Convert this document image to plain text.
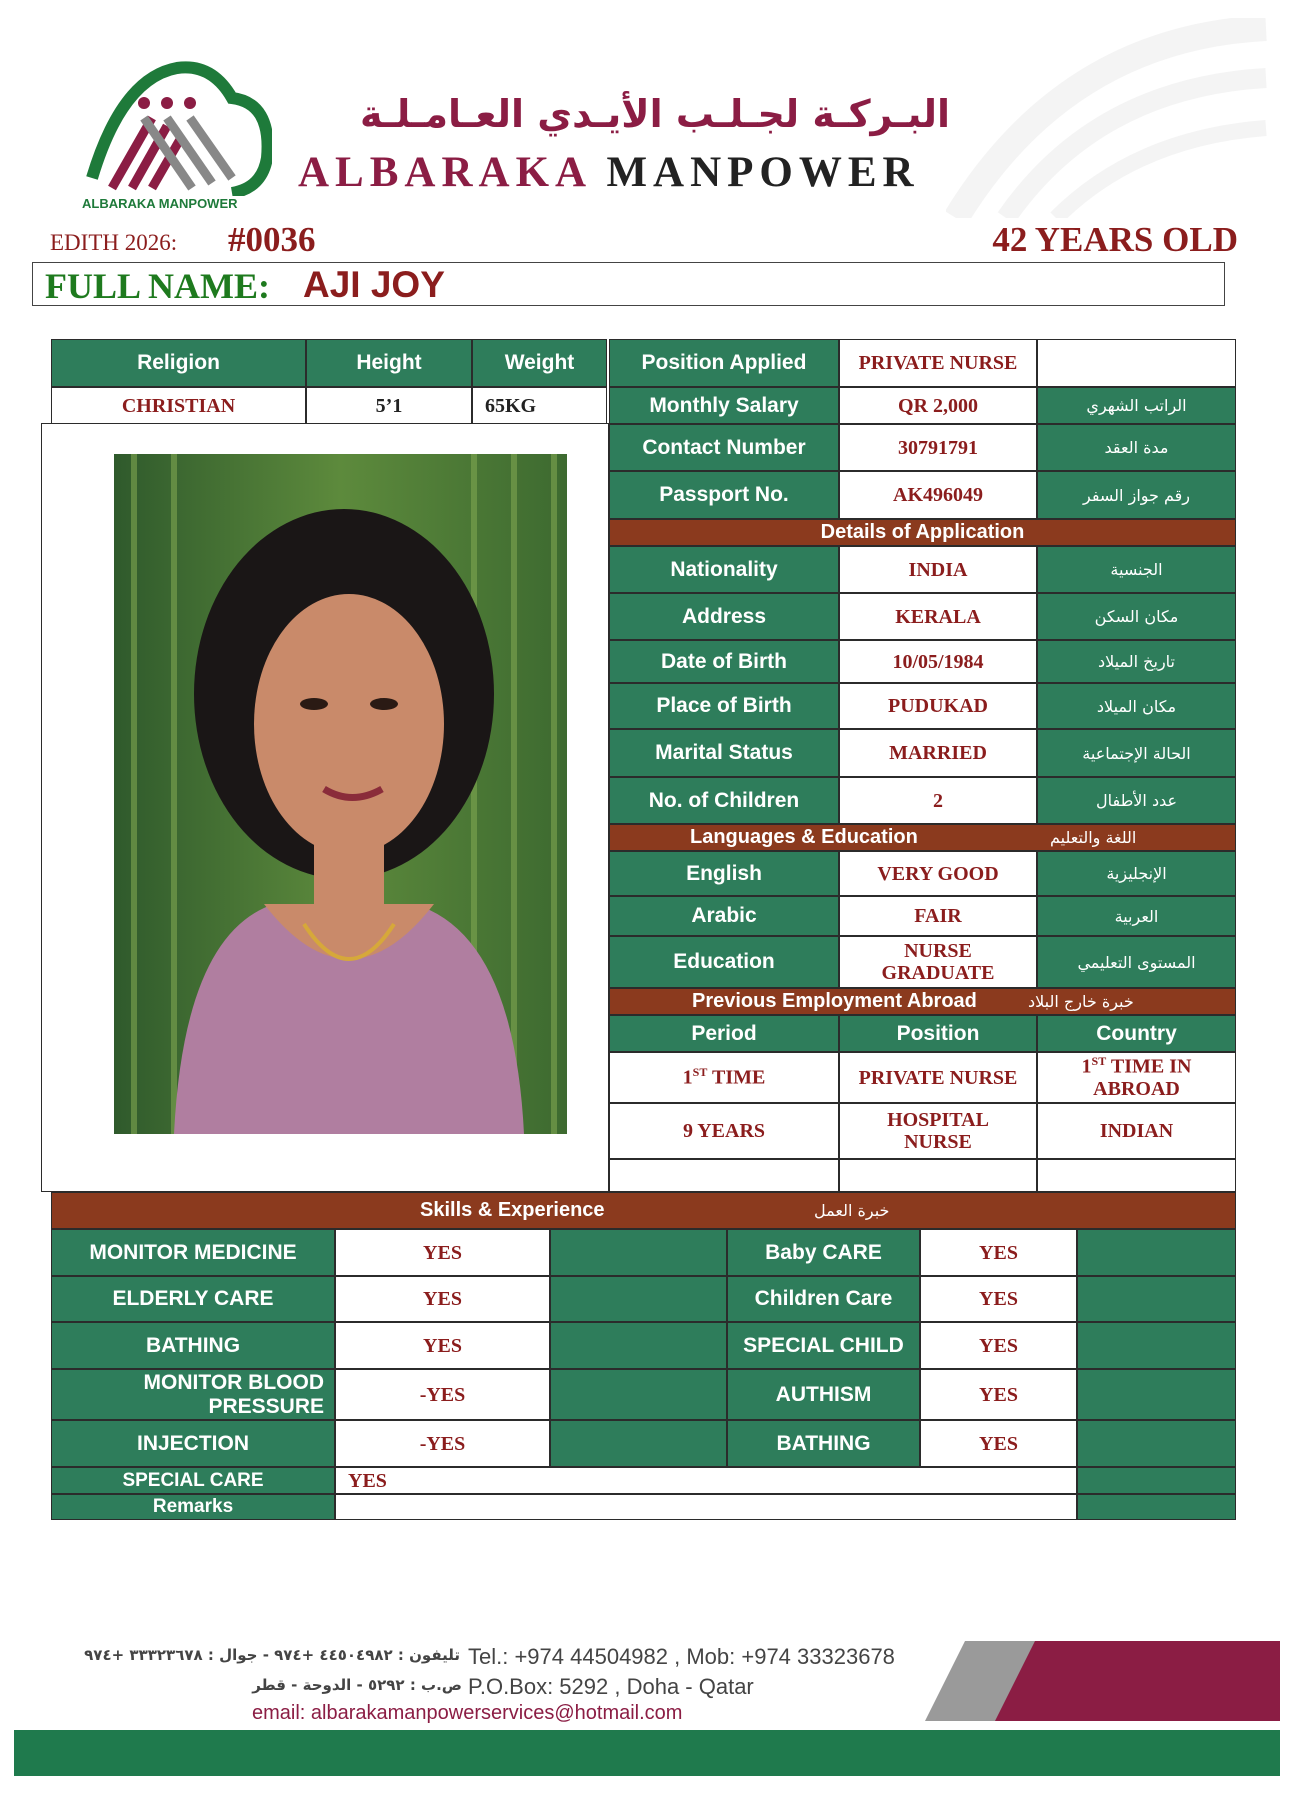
ALBARAKA MANPOWER
البـركـة لجـلـب الأيـدي العـامـلـة
ALBARAKA MANPOWER
EDITH 2026: #0036	42 YEARS OLD
FULL NAME: AJI JOY
Religion	Height	Weight
CHRISTIAN	5’1	65KG
Position Applied	PRIVATE NURSE
Monthly Salary	QR 2,000	الراتب الشهري
Contact Number	30791791	مدة العقد
Passport No.	AK496049	رقم جواز السفر
Details of Application
Nationality	INDIA	الجنسية
Address	KERALA	مكان السكن
Date of Birth	10/05/1984	تاريخ الميلاد
Place of Birth	PUDUKAD	مكان الميلاد
Marital Status	MARRIED	الحالة الإجتماعية
No. of Children	2	عدد الأطفال
Languages & Education	اللغة والتعليم
English	VERY GOOD	الإنجليزية
Arabic	FAIR	العربية
Education	NURSE GRADUATE	المستوى التعليمي
Previous Employment Abroad	خبرة خارج البلاد
Period	Position	Country
1ST TIME	PRIVATE NURSE	1ST TIME IN ABROAD
9 YEARS	HOSPITAL NURSE	INDIAN
Skills & Experience	خبرة العمل
MONITOR MEDICINE	YES	Baby CARE	YES
ELDERLY CARE	YES	Children Care	YES
BATHING	YES	SPECIAL CHILD	YES
MONITOR BLOOD PRESSURE	-YES	AUTHISM	YES
INJECTION	-YES	BATHING	YES
SPECIAL CARE	YES
Remarks
تليفون : ٤٤٥٠٤٩٨٢ +٩٧٤ - جوال : ٣٣٣٢٣٦٧٨ +٩٧٤ Tel.: +974 44504982 , Mob: +974 33323678
ص.ب : ٥٢٩٢ - الدوحة - قطر P.O.Box: 5292 , Doha - Qatar
email: albarakamanpowerservices@hotmail.com
